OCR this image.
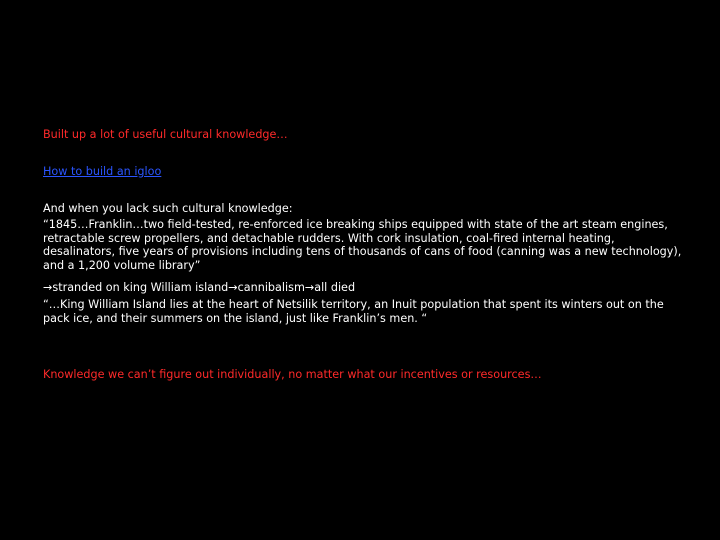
Built up a lot of useful cultural knowledge…

How to build an igloo

And when you lack such cultural knowledge:

“1845…Franklin…two field-tested, re-enforced ice breaking ships equipped with state of the art steam engines, retractable screw propellers, and detachable rudders. With cork insulation, coal-fired internal heating, desalinators, five years of provisions including tens of thousands of cans of food (canning was a new technology), and a 1,200 volume library”

→stranded on king William island→cannibalism→all died

“…King William Island lies at the heart of Netsilik territory, an Inuit population that spent its winters out on the pack ice, and their summers on the island, just like Franklin’s men. “

Knowledge we can’t figure out individually, no matter what our incentives or resources…
